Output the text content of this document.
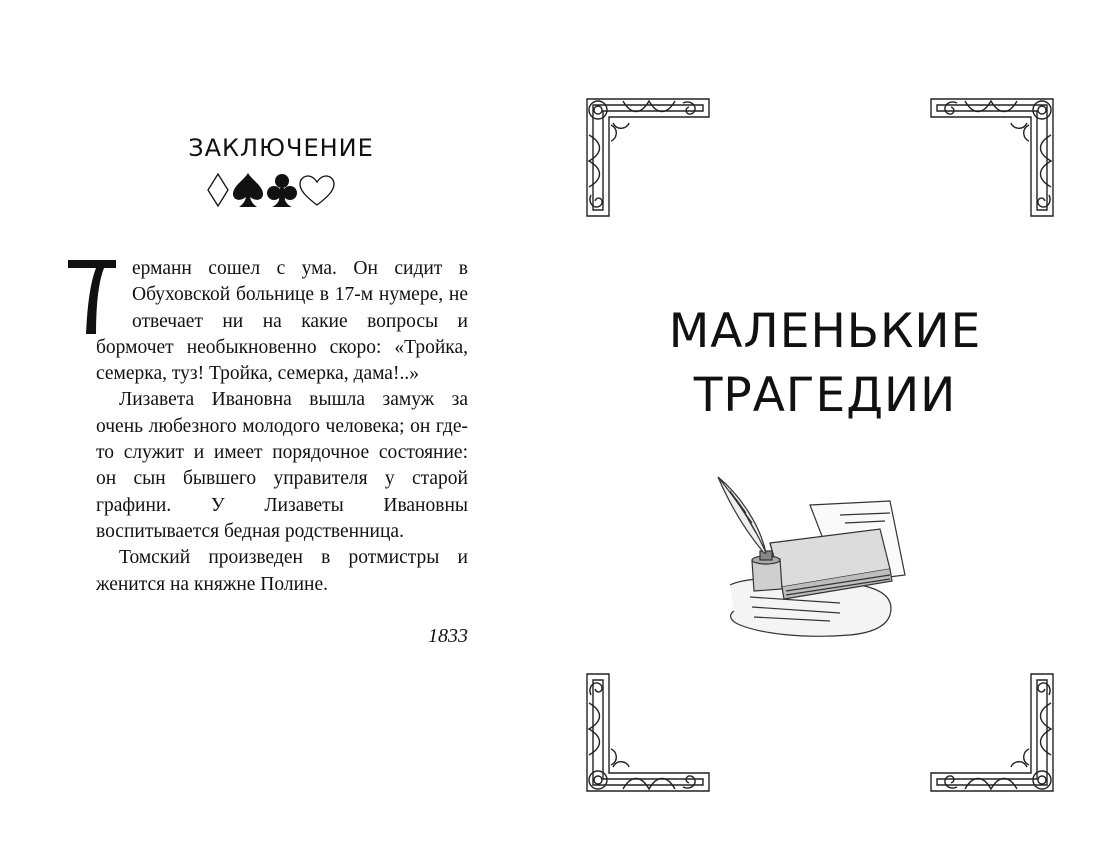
ЗАКЛЮЧЕНИЕ

ерманн сошел с ума. Он сидит в Обуховской больнице в 17-м нумере, не отвечает ни на какие вопросы и бормочет необыкновенно скоро: «Тройка, семерка, туз! Тройка, семерка, дама!..»

Лизавета Ивановна вышла замуж за очень любезного молодого человека; он где-то служит и имеет порядочное состояние: он сын бывшего управителя у старой графини. У Лизаветы Ивановны воспитывается бедная родственница.

Томский произведен в ротмистры и женится на княжне Полине.

1833
МАЛЕНЬКИЕ
ТРАГЕДИИ
